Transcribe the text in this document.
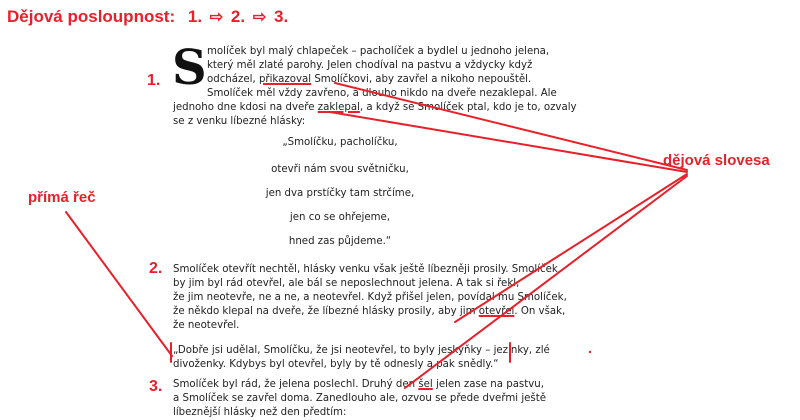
Dějová posloupnost: 1. ⇨ 2. ⇨ 3.
1.
2.
3.
S molíček byl malý chlapeček – pacholíček a bydlel u jednoho jelena,
který měl zlaté parohy. Jelen chodíval na pastvu a vždycky když
odcházel, přikazoval Smolíčkovi, aby zavřel a nikoho nepouštěl.
Smolíček měl vždy zavřeno, a dlouho nikdo na dveře nezaklepal. Ale
jednoho dne kdosi na dveře zaklepal, a když se Smolíček ptal, kdo je to, ozvaly
se z venku líbezné hlásky:
„Smolíčku, pacholíčku,
otevři nám svou světničku,
jen dva prstíčky tam strčíme,
jen co se ohřejeme,
hned zas půjdeme.“
Smolíček otevřít nechtěl, hlásky venku však ještě líbezněji prosily. Smolíček
by jim byl rád otevřel, ale bál se neposlechnout jelena. A tak si řekl,
že jim neotevře, ne a ne, a neotevřel. Když přišel jelen, povídal mu Smolíček,
že někdo klepal na dveře, že líbezné hlásky prosily, aby jim otevřel. On však,
že neotevřel.
„Dobře jsi udělal, Smolíčku, že jsi neotevřel, to byly jeskyňky – jezinky, zlé
divoženky. Kdybys byl otevřel, byly by tě odnesly a pak snědly.“
Smolíček byl rád, že jelena poslechl. Druhý den šel jelen zase na pastvu,
a Smolíček se zavřel doma. Zanedlouho ale, ozvou se přede dveřmi ještě
líbeznější hlásky než den předtím:
dějová slovesa
přímá řeč
